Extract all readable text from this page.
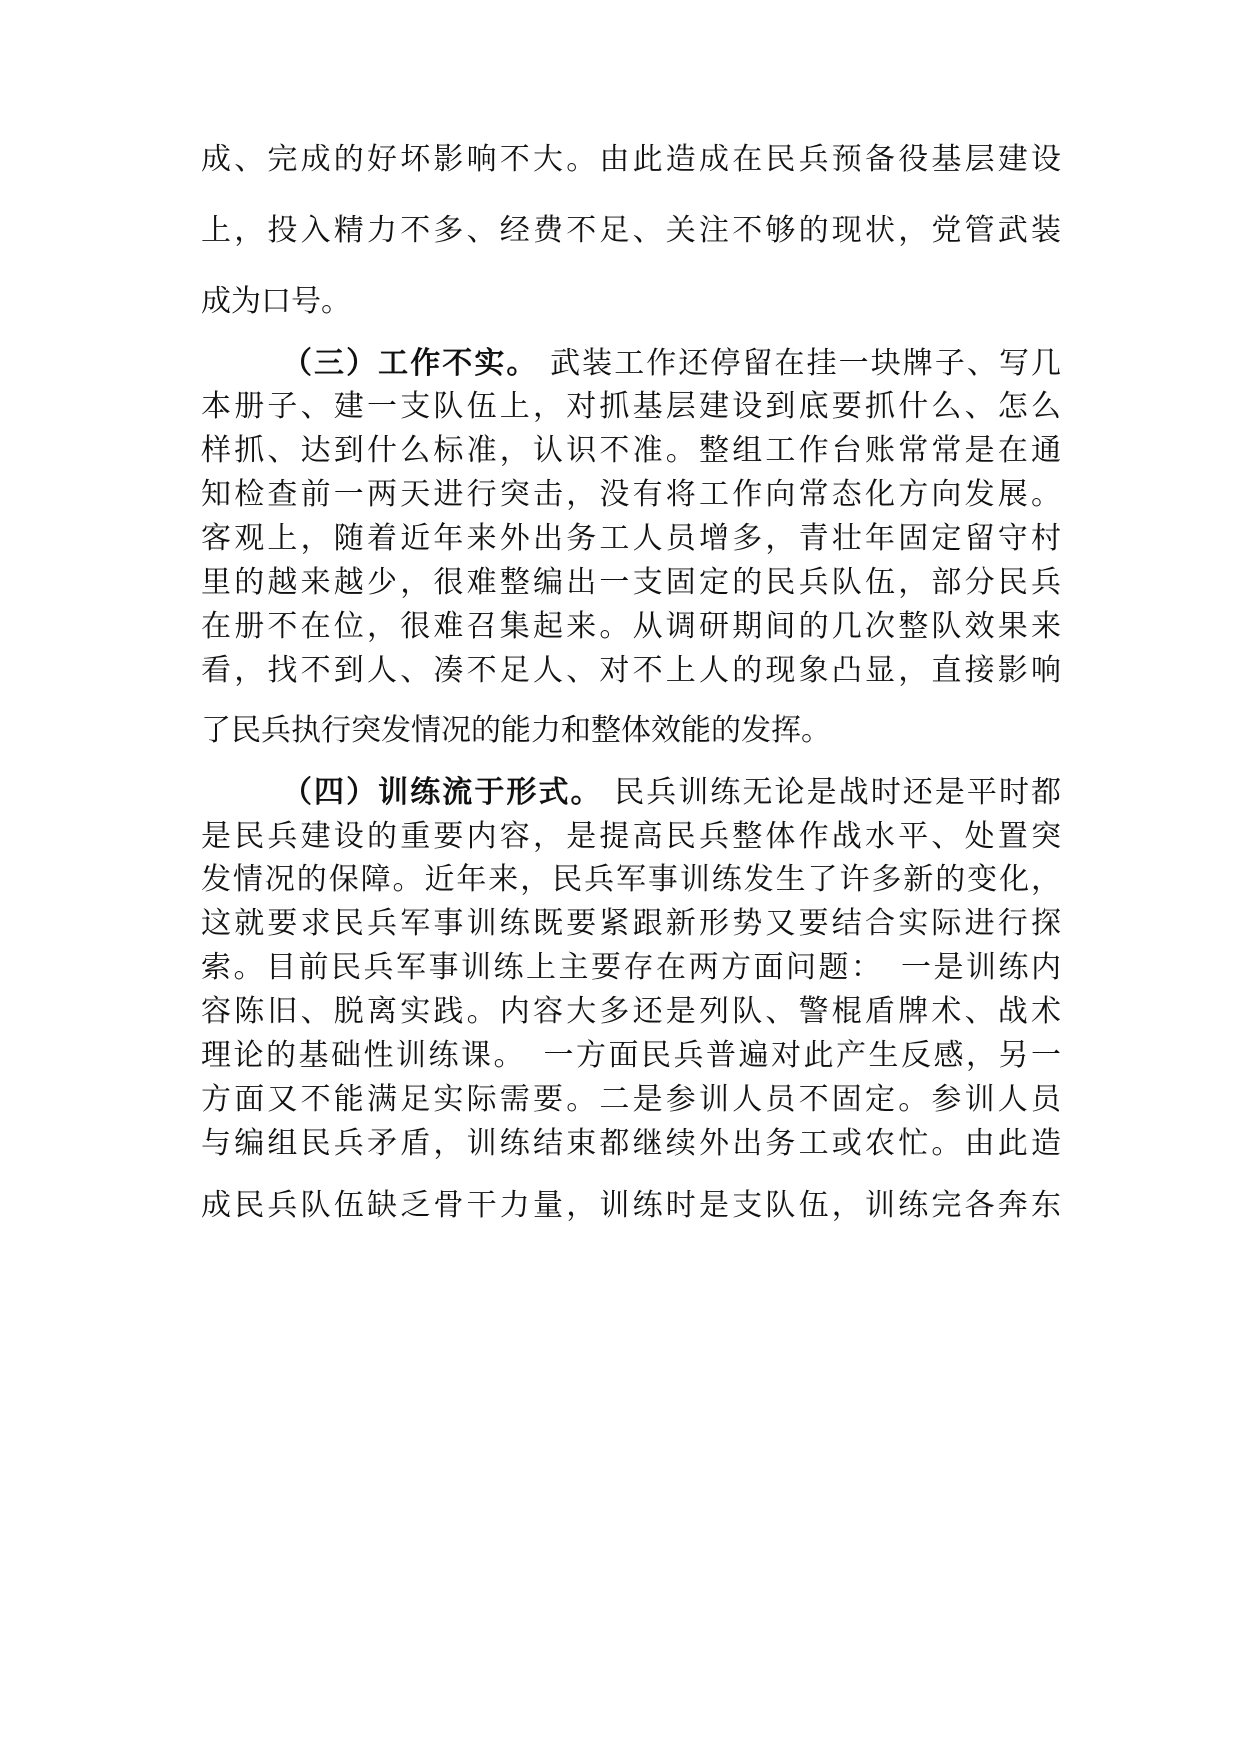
成、完成的好坏影响不大。由此造成在民兵预备役基层建设
上，投入精力不多、经费不足、关注不够的现状，党管武装
成为口号。
（三）工作不实。 武装工作还停留在挂一块牌子、写几
本册子、建一支队伍上，对抓基层建设到底要抓什么、怎么
样抓、达到什么标准，认识不准。整组工作台账常常是在通
知检查前一两天进行突击，没有将工作向常态化方向发展。
客观上，随着近年来外出务工人员增多，青壮年固定留守村
里的越来越少，很难整编出一支固定的民兵队伍，部分民兵
在册不在位，很难召集起来。从调研期间的几次整队效果来
看，找不到人、凑不足人、对不上人的现象凸显，直接影响
了民兵执行突发情况的能力和整体效能的发挥。
（四）训练流于形式。 民兵训练无论是战时还是平时都
是民兵建设的重要内容，是提高民兵整体作战水平、处置突
发情况的保障。近年来，民兵军事训练发生了许多新的变化，
这就要求民兵军事训练既要紧跟新形势又要结合实际进行探
索。目前民兵军事训练上主要存在两方面问题：　一是训练内
容陈旧、脱离实践。内容大多还是列队、警棍盾牌术、战术
理论的基础性训练课。　一方面民兵普遍对此产生反感，另一
方面又不能满足实际需要。二是参训人员不固定。参训人员
与编组民兵矛盾，训练结束都继续外出务工或农忙。由此造
成民兵队伍缺乏骨干力量，训练时是支队伍，训练完各奔东
